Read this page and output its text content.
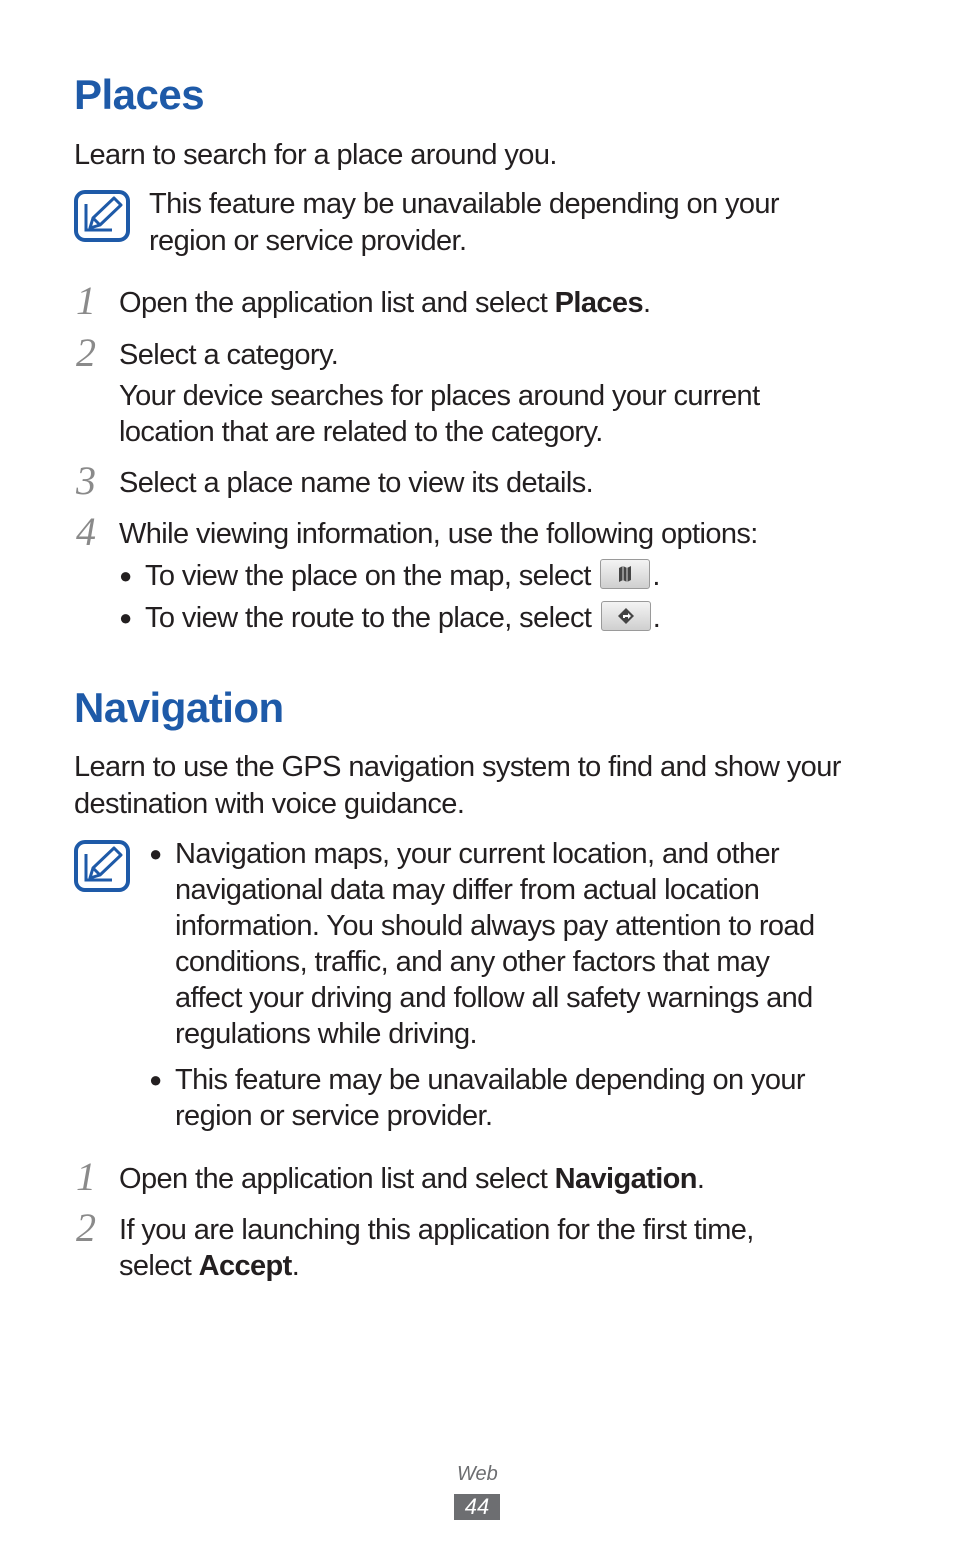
Places
Learn to search for a place around you.
This feature may be unavailable depending on your
region or service provider.
1 Open the application list and select Places.
2 Select a category.
Your device searches for places around your current
location that are related to the category.
3 Select a place name to view its details.
4 While viewing information, use the following options:
● To view the place on the map, select .
● To view the route to the place, select .
Navigation
Learn to use the GPS navigation system to find and show your
destination with voice guidance.
● Navigation maps, your current location, and other
navigational data may differ from actual location
information. You should always pay attention to road
conditions, traffic, and any other factors that may
affect your driving and follow all safety warnings and
regulations while driving.
● This feature may be unavailable depending on your
region or service provider.
1 Open the application list and select Navigation.
2 If you are launching this application for the first time,
select Accept.
Web
44
